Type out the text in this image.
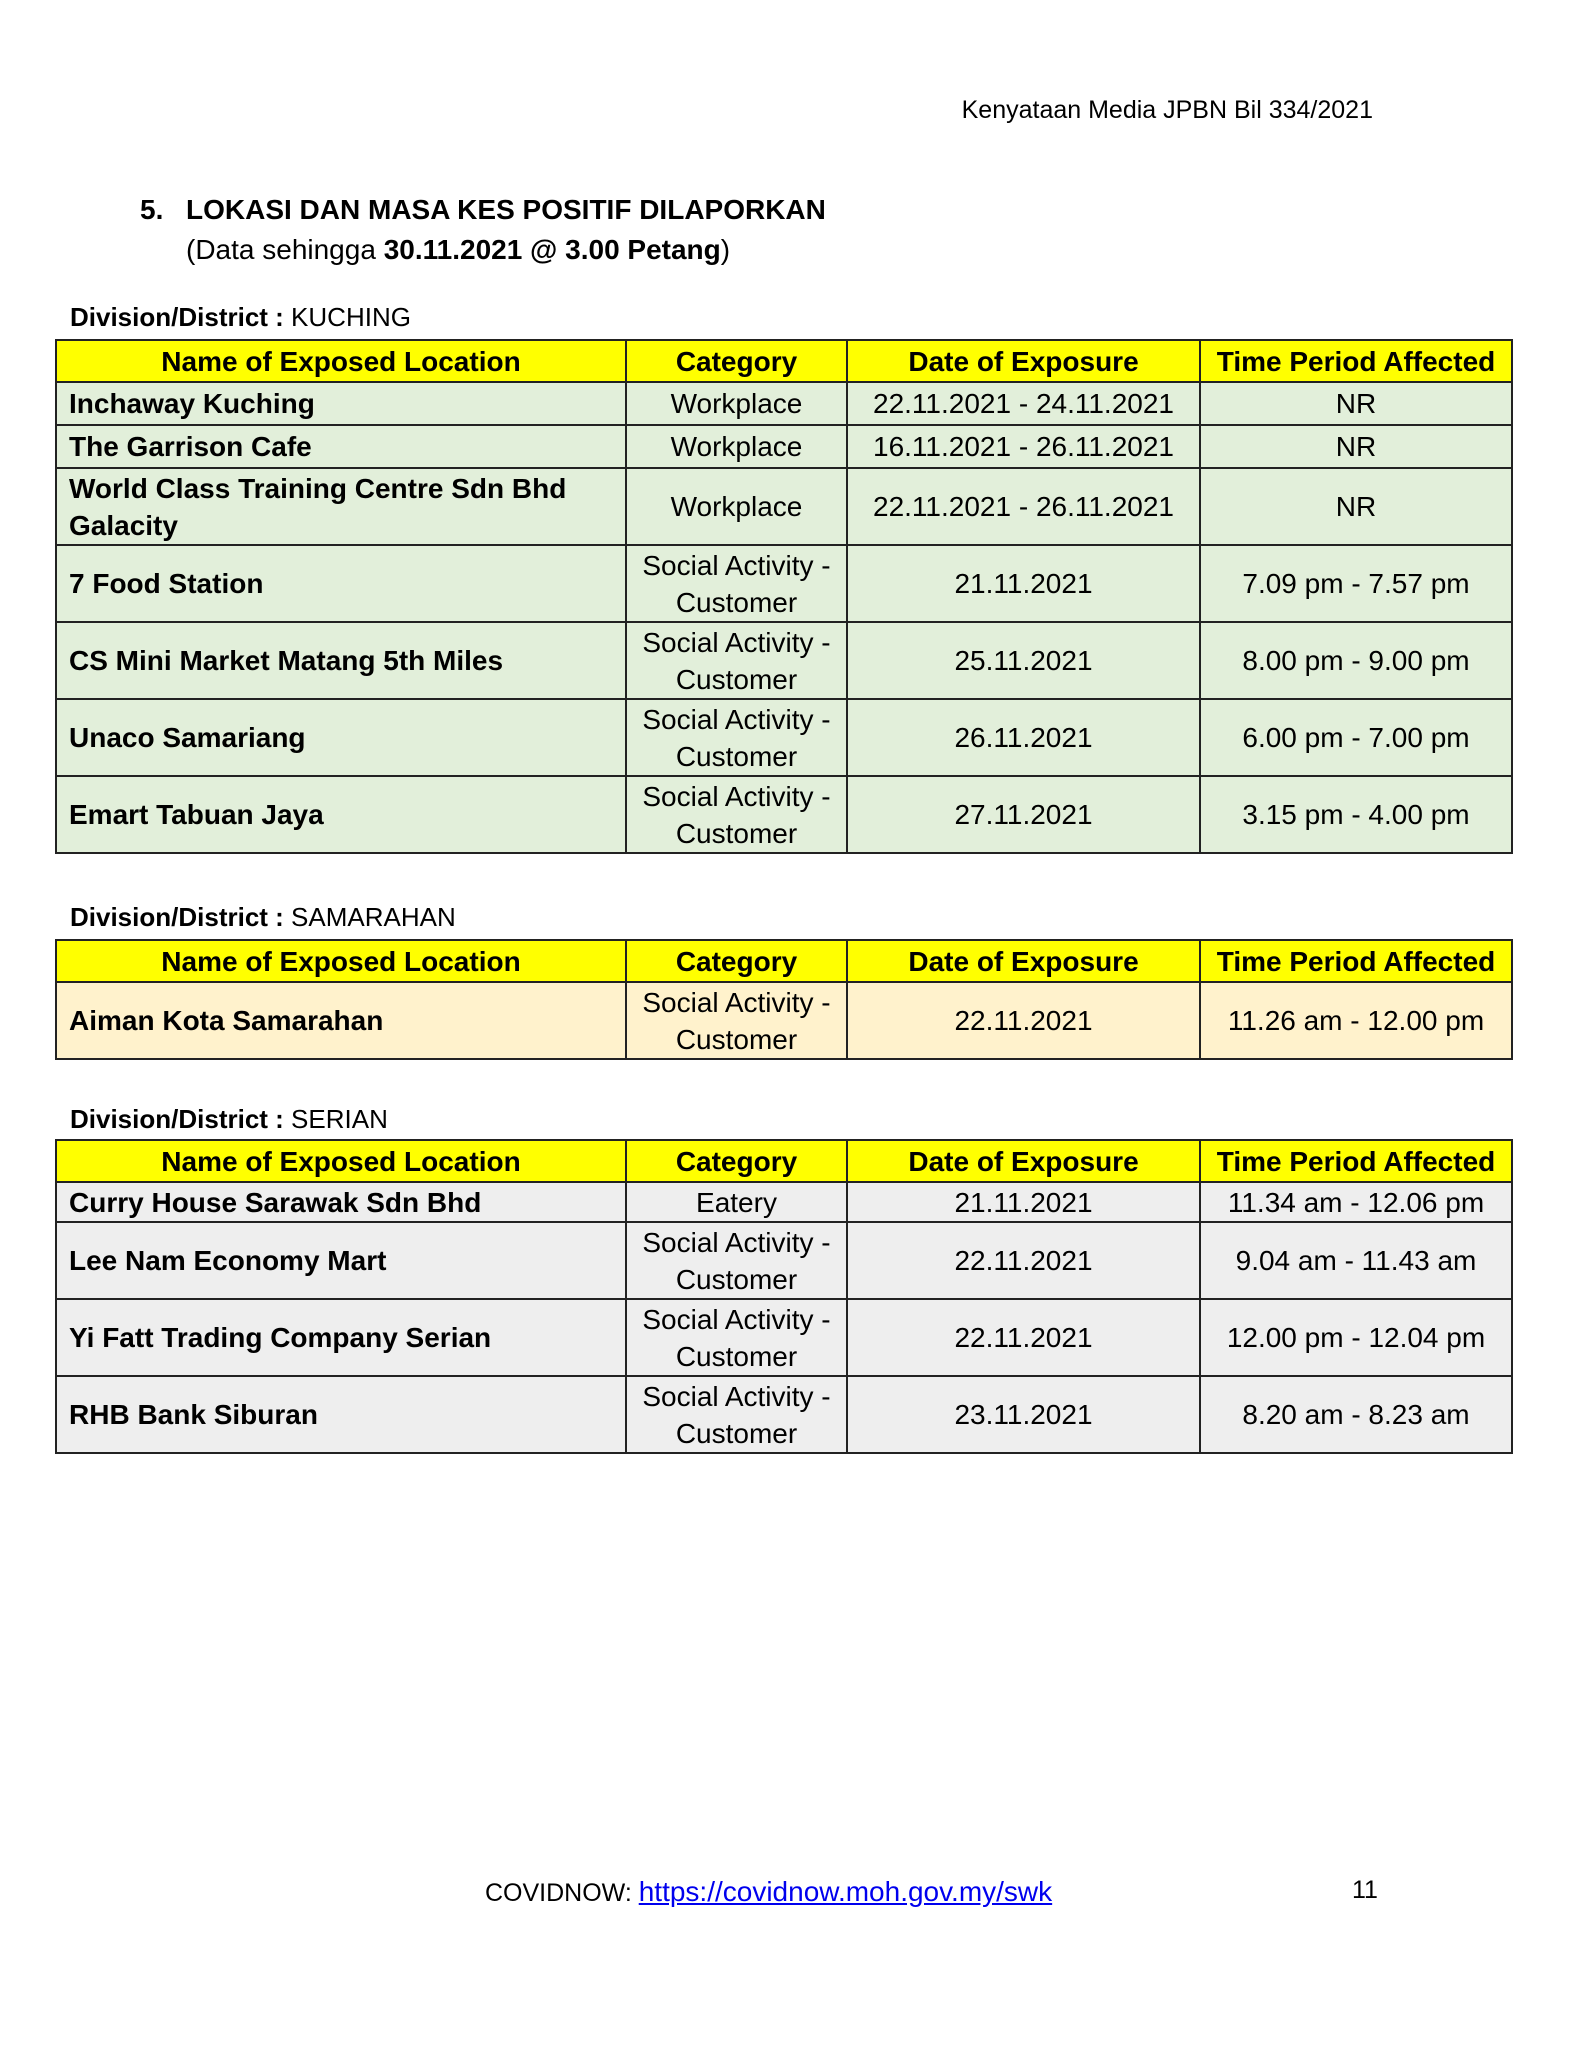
Kenyataan Media JPBN Bil 334/2021
5. LOKASI DAN MASA KES POSITIF DILAPORKAN
(Data sehingga 30.11.2021 @ 3.00 Petang)
Division/District : KUCHING
Name of Exposed Location	Category	Date of Exposure	Time Period Affected
Inchaway Kuching	Workplace	22.11.2021 - 24.11.2021	NR
The Garrison Cafe	Workplace	16.11.2021 - 26.11.2021	NR
World Class Training Centre Sdn Bhd Galacity	Workplace	22.11.2021 - 26.11.2021	NR
7 Food Station	Social Activity - Customer	21.11.2021	7.09 pm - 7.57 pm
CS Mini Market Matang 5th Miles	Social Activity - Customer	25.11.2021	8.00 pm - 9.00 pm
Unaco Samariang	Social Activity - Customer	26.11.2021	6.00 pm - 7.00 pm
Emart Tabuan Jaya	Social Activity - Customer	27.11.2021	3.15 pm - 4.00 pm
Division/District : SAMARAHAN
Name of Exposed Location	Category	Date of Exposure	Time Period Affected
Aiman Kota Samarahan	Social Activity - Customer	22.11.2021	11.26 am - 12.00 pm
Division/District : SERIAN
Name of Exposed Location	Category	Date of Exposure	Time Period Affected
Curry House Sarawak Sdn Bhd	Eatery	21.11.2021	11.34 am - 12.06 pm
Lee Nam Economy Mart	Social Activity - Customer	22.11.2021	9.04 am - 11.43 am
Yi Fatt Trading Company Serian	Social Activity - Customer	22.11.2021	12.00 pm - 12.04 pm
RHB Bank Siburan	Social Activity - Customer	23.11.2021	8.20 am - 8.23 am
COVIDNOW: https://covidnow.moh.gov.my/swk	11
